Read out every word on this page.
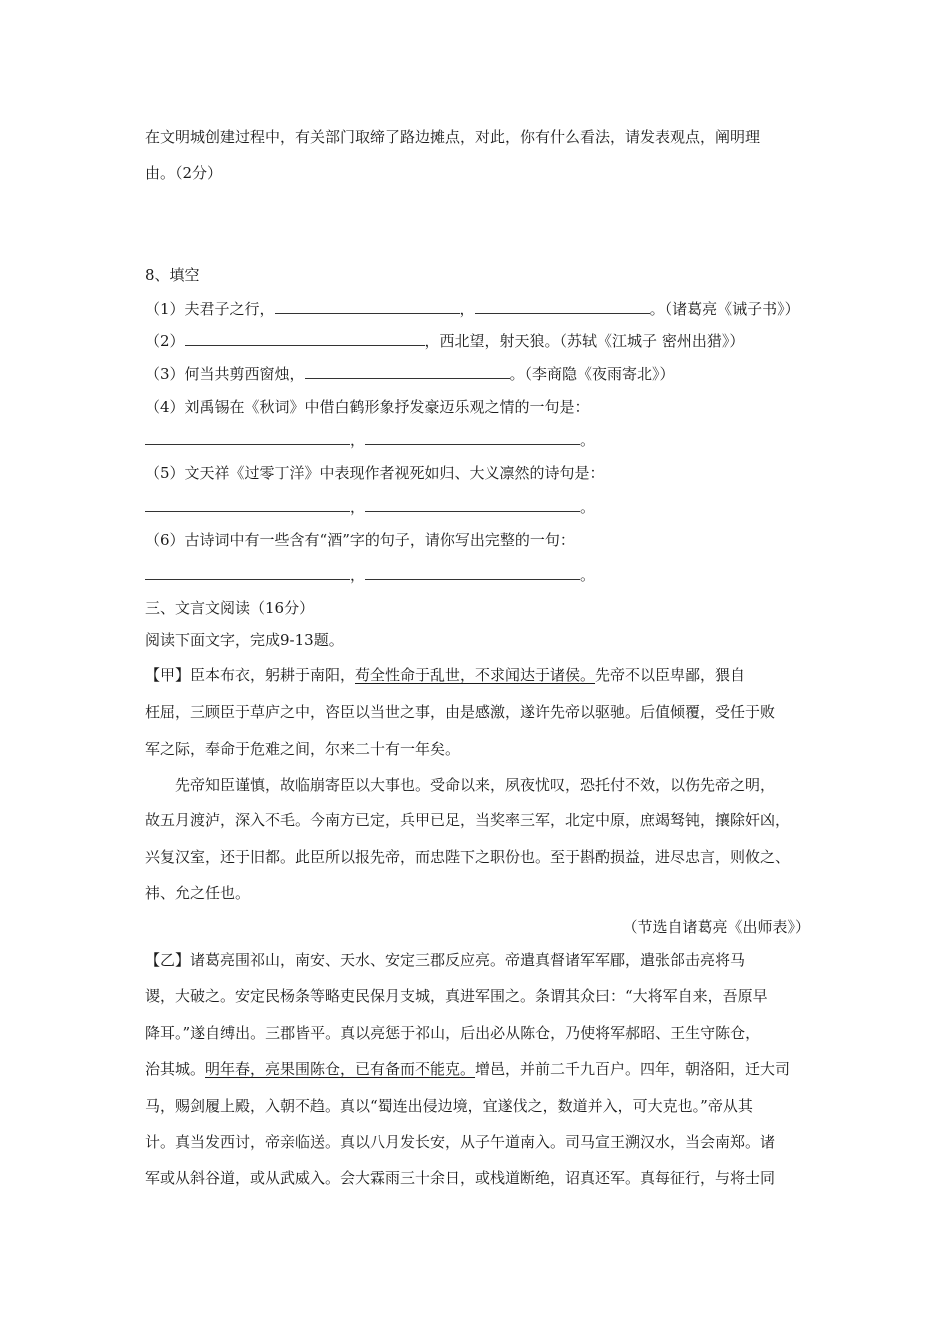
在文明城创建过程中，有关部门取缔了路边摊点，对此，你有什么看法，请发表观点，阐明理
由。（2分）
8、填空
（1）夫君子之行，	，	。（诸葛亮《诫子书》）
（2）	，西北望，射天狼。（苏轼《江城子 密州出猎》）
（3）何当共剪西窗烛，	。（李商隐《夜雨寄北》）
（4）刘禹锡在《秋词》中借白鹤形象抒发豪迈乐观之情的一句是：
，	。
（5）文天祥《过零丁洋》中表现作者视死如归、大义凛然的诗句是：
，	。
（6）古诗词中有一些含有“酒”字的句子，请你写出完整的一句：
，	。
三、文言文阅读（16分）
阅读下面文字，完成9-13题。
【甲】臣本布衣，躬耕于南阳，苟全性命于乱世，不求闻达于诸侯。先帝不以臣卑鄙，猥自
枉屈，三顾臣于草庐之中，咨臣以当世之事，由是感激，遂许先帝以驱驰。后值倾覆，受任于败
军之际，奉命于危难之间，尔来二十有一年矣。
先帝知臣谨慎，故临崩寄臣以大事也。受命以来，夙夜忧叹，恐托付不效，以伤先帝之明，
故五月渡泸，深入不毛。今南方已定，兵甲已足，当奖率三军，北定中原，庶竭驽钝，攘除奸凶，
兴复汉室，还于旧都。此臣所以报先帝，而忠陛下之职份也。至于斟酌损益，进尽忠言，则攸之、
祎、允之任也。
（节选自诸葛亮《出师表》）
【乙】诸葛亮围祁山，南安、天水、安定三郡反应亮。帝遣真督诸军军郿，遣张郃击亮将马
谡，大破之。安定民杨条等略吏民保月支城，真进军围之。条谓其众曰：“大将军自来，吾原早
降耳。”遂自缚出。三郡皆平。真以亮惩于祁山，后出必从陈仓，乃使将军郝昭、王生守陈仓，
治其城。明年春，亮果围陈仓，已有备而不能克。增邑，并前二千九百户。四年，朝洛阳，迁大司
马，赐剑履上殿，入朝不趋。真以“蜀连出侵边境，宜遂伐之，数道并入，可大克也。”帝从其
计。真当发西讨，帝亲临送。真以八月发长安，从子午道南入。司马宣王溯汉水，当会南郑。诸
军或从斜谷道，或从武威入。会大霖雨三十余日，或栈道断绝，诏真还军。真每征行，与将士同
